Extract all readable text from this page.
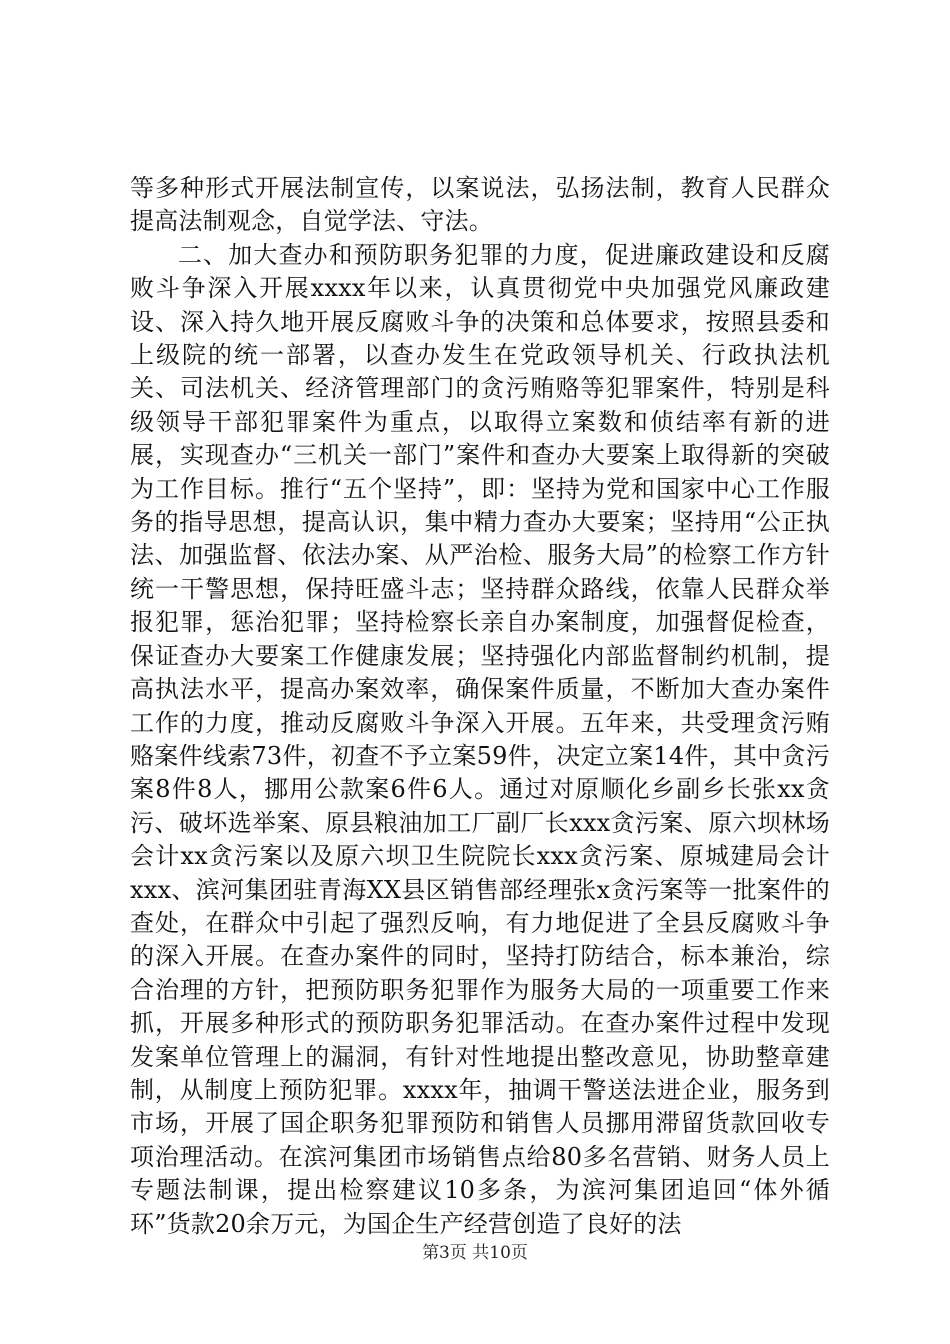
等多种形式开展法制宣传，以案说法，弘扬法制，教育人民群众提高法制观念，自觉学法、守法。

二、加大查办和预防职务犯罪的力度，促进廉政建设和反腐败斗争深入开展xxxx年以来，认真贯彻党中央加强党风廉政建设、深入持久地开展反腐败斗争的决策和总体要求，按照县委和上级院的统一部署，以查办发生在党政领导机关、行政执法机关、司法机关、经济管理部门的贪污贿赂等犯罪案件，特别是科级领导干部犯罪案件为重点，以取得立案数和侦结率有新的进展，实现查办“三机关一部门”案件和查办大要案上取得新的突破为工作目标。推行“五个坚持”，即：坚持为党和国家中心工作服务的指导思想，提高认识，集中精力查办大要案；坚持用“公正执法、加强监督、依法办案、从严治检、服务大局”的检察工作方针统一干警思想，保持旺盛斗志；坚持群众路线，依靠人民群众举报犯罪，惩治犯罪；坚持检察长亲自办案制度，加强督促检查，保证查办大要案工作健康发展；坚持强化内部监督制约机制，提高执法水平，提高办案效率，确保案件质量，不断加大查办案件工作的力度，推动反腐败斗争深入开展。五年来，共受理贪污贿赂案件线索73件，初查不予立案59件，决定立案14件，其中贪污案8件8人，挪用公款案6件6人。通过对原顺化乡副乡长张xx贪污、破坏选举案、原县粮油加工厂副厂长xxx贪污案、原六坝林场会计xx贪污案以及原六坝卫生院院长xxx贪污案、原城建局会计xxx、滨河集团驻青海XX县区销售部经理张x贪污案等一批案件的查处，在群众中引起了强烈反响，有力地促进了全县反腐败斗争的深入开展。在查办案件的同时，坚持打防结合，标本兼治，综合治理的方针，把预防职务犯罪作为服务大局的一项重要工作来抓，开展多种形式的预防职务犯罪活动。在查办案件过程中发现发案单位管理上的漏洞，有针对性地提出整改意见，协助整章建制，从制度上预防犯罪。xxxx年，抽调干警送法进企业，服务到市场，开展了国企职务犯罪预防和销售人员挪用滞留货款回收专项治理活动。在滨河集团市场销售点给80多名营销、财务人员上专题法制课，提出检察建议10多条，为滨河集团追回“体外循环”货款20余万元，为国企生产经营创造了良好的法

第3页 共10页
